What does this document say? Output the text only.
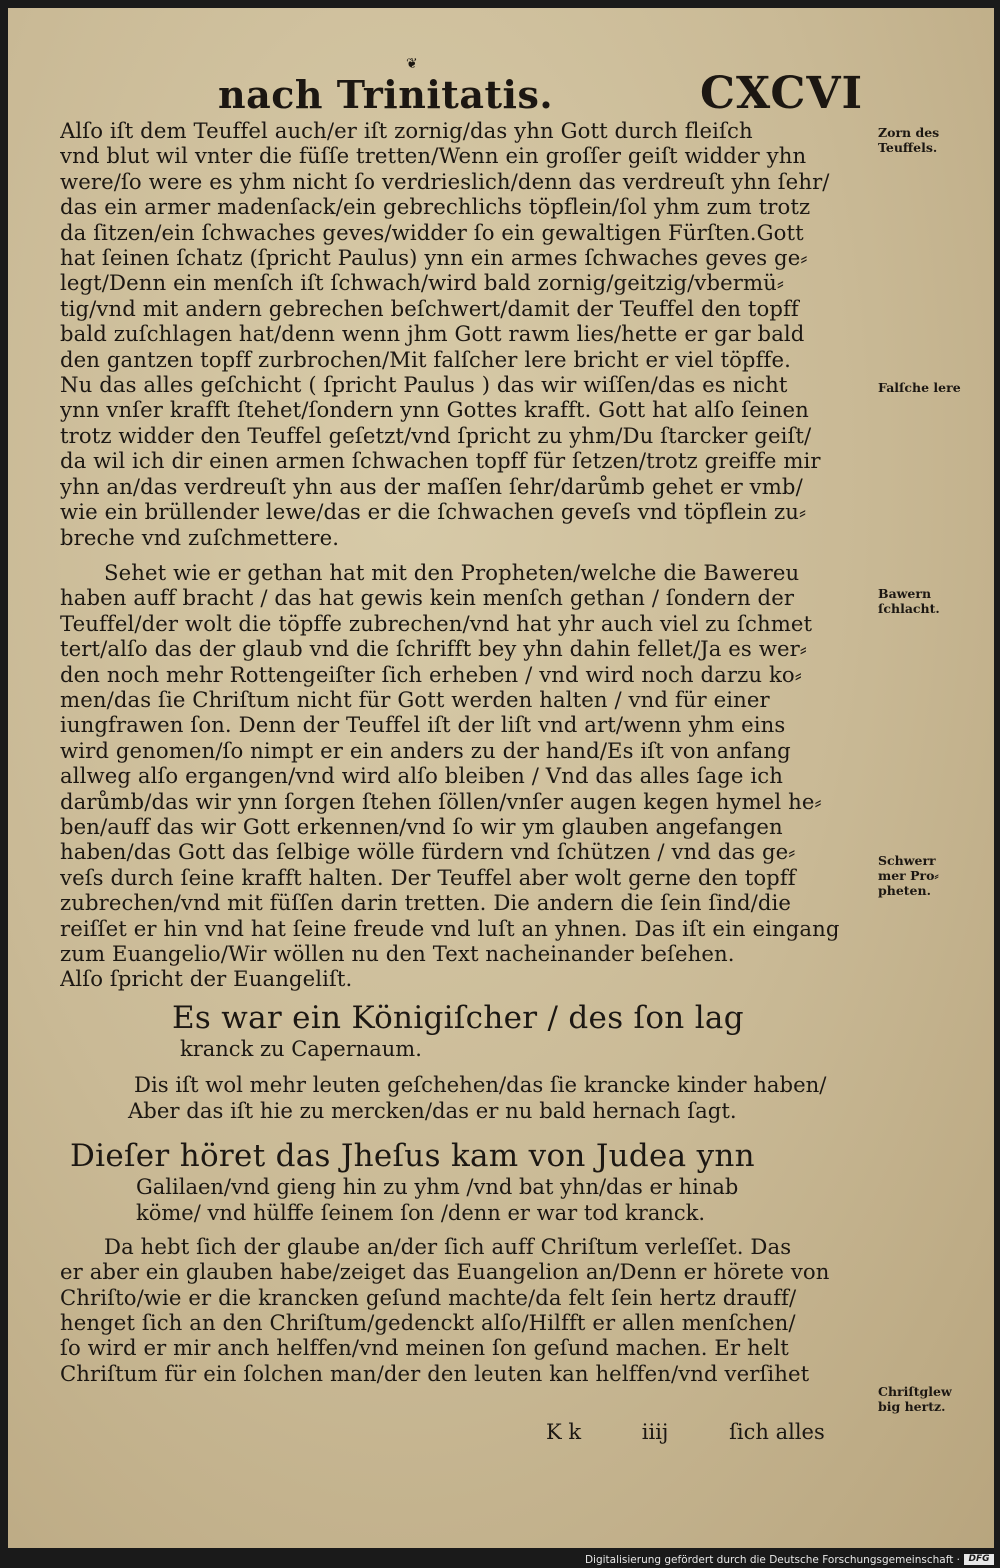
❦
nach Trinitatis.	CXCVI
Alſo iſt dem Teuffel auch/er iſt zornig/das yhn Gott durch fleiſch
vnd blut wil vnter die füſſe tretten/Wenn ein groſſer geiſt widder yhn
were/ſo were es yhm nicht ſo verdrieslich/denn das verdreuſt yhn ſehr/
das ein armer madenſack/ein gebrechlichs töpflein/ſol yhm zum trotz
da ſitzen/ein ſchwaches geves/widder ſo ein gewaltigen Fürſten.Gott
hat ſeinen ſchatz (ſpricht Paulus) ynn ein armes ſchwaches geves ge⸗
legt/Denn ein menſch iſt ſchwach/wird bald zornig/geitzig/vbermü⸗
tig/vnd mit andern gebrechen beſchwert/damit der Teuffel den topff
bald zuſchlagen hat/denn wenn jhm Gott rawm lies/hette er gar bald
den gantzen topff zurbrochen/Mit falſcher lere bricht er viel töpffe.
Nu das alles geſchicht ( ſpricht Paulus ) das wir wiſſen/das es nicht
ynn vnſer krafft ſtehet/ſondern ynn Gottes krafft. Gott hat alſo ſeinen
trotz widder den Teuffel geſetzt/vnd ſpricht zu yhm/Du ſtarcker geiſt/
da wil ich dir einen armen ſchwachen topff für ſetzen/trotz greiffe mir
yhn an/das verdreuſt yhn aus der maſſen ſehr/darůmb gehet er vmb/
wie ein brüllender lewe/das er die ſchwachen geveſs vnd töpflein zu⸗
breche vnd zuſchmettere.
Sehet wie er gethan hat mit den Propheten/welche die Bawereu
haben auff bracht / das hat gewis kein menſch gethan / ſondern der
Teuffel/der wolt die töpffe zubrechen/vnd hat yhr auch viel zu ſchmet
tert/alſo das der glaub vnd die ſchrifft bey yhn dahin fellet/Ja es wer⸗
den noch mehr Rottengeiſter ſich erheben / vnd wird noch darzu ko⸗
men/das ſie Chriſtum nicht für Gott werden halten / vnd für einer
iungfrawen ſon. Denn der Teuffel iſt der liſt vnd art/wenn yhm eins
wird genomen/ſo nimpt er ein anders zu der hand/Es iſt von anfang
allweg alſo ergangen/vnd wird alſo bleiben / Vnd das alles ſage ich
darůmb/das wir ynn ſorgen ſtehen ſöllen/vnſer augen kegen hymel he⸗
ben/auff das wir Gott erkennen/vnd ſo wir ym glauben angefangen
haben/das Gott das ſelbige wölle fürdern vnd ſchützen / vnd das ge⸗
veſs durch ſeine krafft halten. Der Teuffel aber wolt gerne den topff
zubrechen/vnd mit füſſen darin tretten. Die andern die ſein ſind/die
reiſſet er hin vnd hat ſeine freude vnd luſt an yhnen. Das iſt ein eingang
zum Euangelio/Wir wöllen nu den Text nacheinander beſehen.
Alſo ſpricht der Euangeliſt.
Es war ein Königiſcher / des ſon lag
kranck zu Capernaum.
Dis iſt wol mehr leuten geſchehen/das ſie krancke kinder haben/
Aber das iſt hie zu mercken/das er nu bald hernach ſagt.
Dieſer höret das Jheſus kam von Judea ynn
Galilaen/vnd gieng hin zu yhm /vnd bat yhn/das er hinab
köme/ vnd hülffe ſeinem ſon /denn er war tod kranck.
Da hebt ſich der glaube an/der ſich auff Chriſtum verleſſet. Das
er aber ein glauben habe/zeiget das Euangelion an/Denn er hörete von
Chriſto/wie er die krancken geſund machte/da felt ſein hertz drauff/
henget ſich an den Chriſtum/gedenckt alſo/Hilfft er allen menſchen/
ſo wird er mir anch helffen/vnd meinen ſon geſund machen. Er helt
Chriſtum für ein ſolchen man/der den leuten kan helffen/vnd verſihet
K k	iiij	ſich alles
Zorn des
Teuffels.
Falſche lere
Bawern
ſchlacht.
Schwerr
mer Pro⸗
pheten.
Chriſtglew
big hertz.
Digitalisierung gefördert durch die Deutsche Forschungsgemeinschaft · DFG
